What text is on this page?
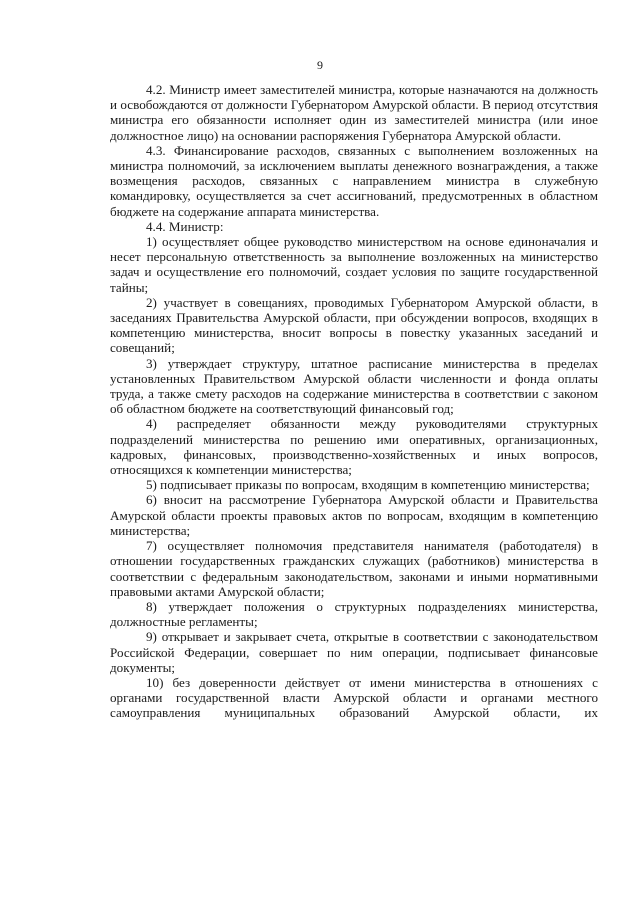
9

4.2. Министр имеет заместителей министра, которые назначаются на должность и освобождаются от должности Губернатором Амурской области. В период отсутствия министра его обязанности исполняет один из заместителей министра (или иное должностное лицо) на основании распоряжения Губернатора Амурской области.

4.3. Финансирование расходов, связанных с выполнением возложенных на министра полномочий, за исключением выплаты денежного вознаграждения, а также возмещения расходов, связанных с направлением министра в служебную командировку, осуществляется за счет ассигнований, предусмотренных в областном бюджете на содержание аппарата министерства.

4.4. Министр:

1) осуществляет общее руководство министерством на основе единоначалия и несет персональную ответственность за выполнение возложенных на министерство задач и осуществление его полномочий, создает условия по защите государственной тайны;

2) участвует в совещаниях, проводимых Губернатором Амурской области, в заседаниях Правительства Амурской области, при обсуждении вопросов, входящих в компетенцию министерства, вносит вопросы в повестку указанных заседаний и совещаний;

3) утверждает структуру, штатное расписание министерства в пределах установленных Правительством Амурской области численности и фонда оплаты труда, а также смету расходов на содержание министерства в соответствии с законом об областном бюджете на соответствующий финансовый год;

4) распределяет обязанности между руководителями структурных подразделений министерства по решению ими оперативных, организационных, кадровых, финансовых, производственно-хозяйственных и иных вопросов, относящихся к компетенции министерства;

5) подписывает приказы по вопросам, входящим в компетенцию министерства;

6) вносит на рассмотрение Губернатора Амурской области и Правительства Амурской области проекты правовых актов по вопросам, входящим в компетенцию министерства;

7) осуществляет полномочия представителя нанимателя (работодателя) в отношении государственных гражданских служащих (работников) министерства в соответствии с федеральным законодательством, законами и иными нормативными правовыми актами Амурской области;

8) утверждает положения о структурных подразделениях министерства, должностные регламенты;

9) открывает и закрывает счета, открытые в соответствии с законодательством Российской Федерации, совершает по ним операции, подписывает финансовые документы;

10) без доверенности действует от имени министерства в отношениях с органами государственной власти Амурской области и органами местного самоуправления муниципальных образований Амурской области, их
